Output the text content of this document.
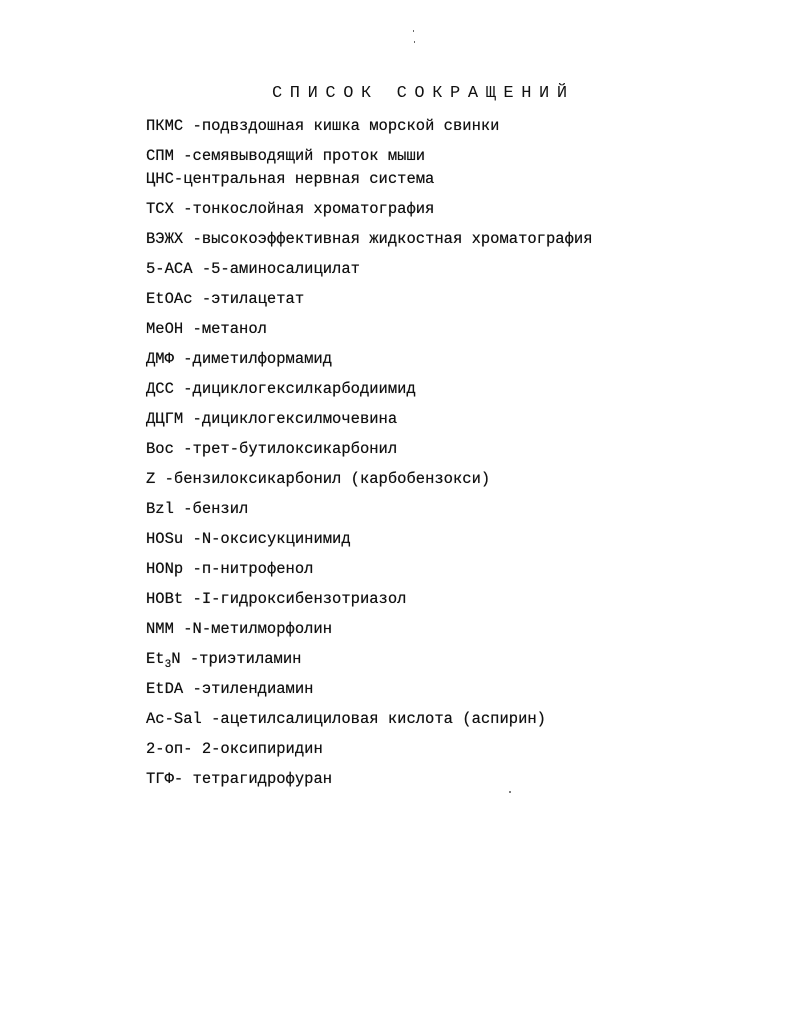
СПИСОК СОКРАЩЕНИЙ
ПКМС -подвздошная кишка морской свинки
СПМ -семявыводящий проток мыши
ЦНС-центральная нервная система
ТСХ -тонкослойная хроматография
ВЭЖХ -высокоэффективная жидкостная хроматография
5-АСА -5-аминосалицилат
EtOAc -этилацетат
MeOH -метанол
ДМФ -диметилформамид
ДСС -дициклогексилкарбодиимид
ДЦГМ -дициклогексилмочевина
Boc -трет-бутилоксикарбонил
Z -бензилоксикарбонил (карбобензокси)
Bzl -бензил
HOSu -N-оксисукцинимид
HONp -п-нитрофенол
HOBt -I-гидроксибензотриазол
NMM -N-метилморфолин
$Et_3N$ -триэтиламин
EtDA -этилендиамин
Ac-Sal -ацетилсалициловая кислота (аспирин)
2-оп- 2-оксипиридин
ТГФ- тетрагидрофуран
